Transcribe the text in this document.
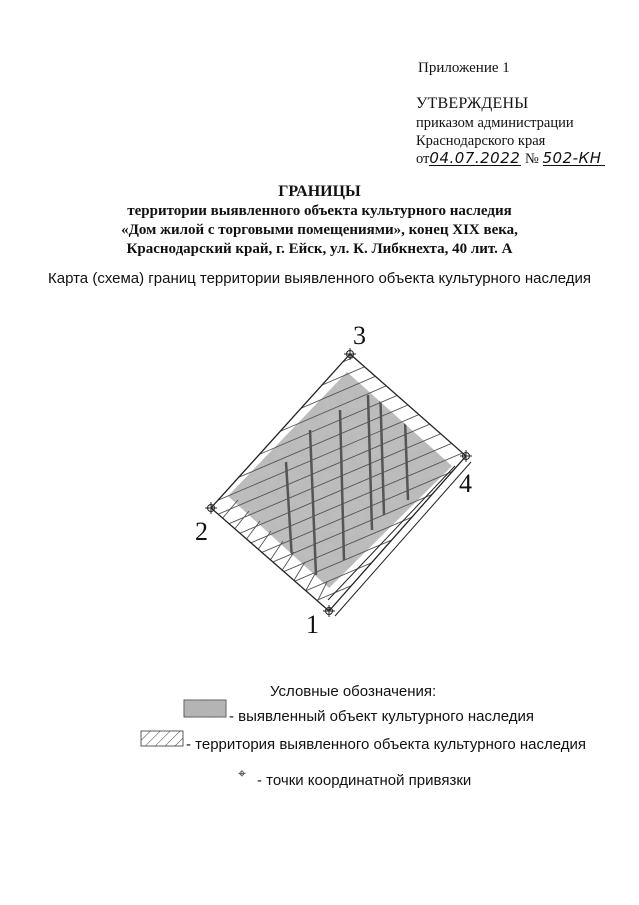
Приложение 1
УТВЕРЖДЕНЫ
приказом администрации
Краснодарского края
от04.07.2022 № 502-КН
ГРАНИЦЫ
территории выявленного объекта культурного наследия
«Дом жилой с торговыми помещениями», конец XIX века,
Краснодарский край, г. Ейск, ул. К. Либкнехта, 40 лит. А
Карта (схема) границ территории выявленного объекта культурного наследия
3
4
1
2
Условные обозначения:
- выявленный объект культурного наследия
- территория выявленного объекта культурного наследия
⌖ - точки координатной привязки
